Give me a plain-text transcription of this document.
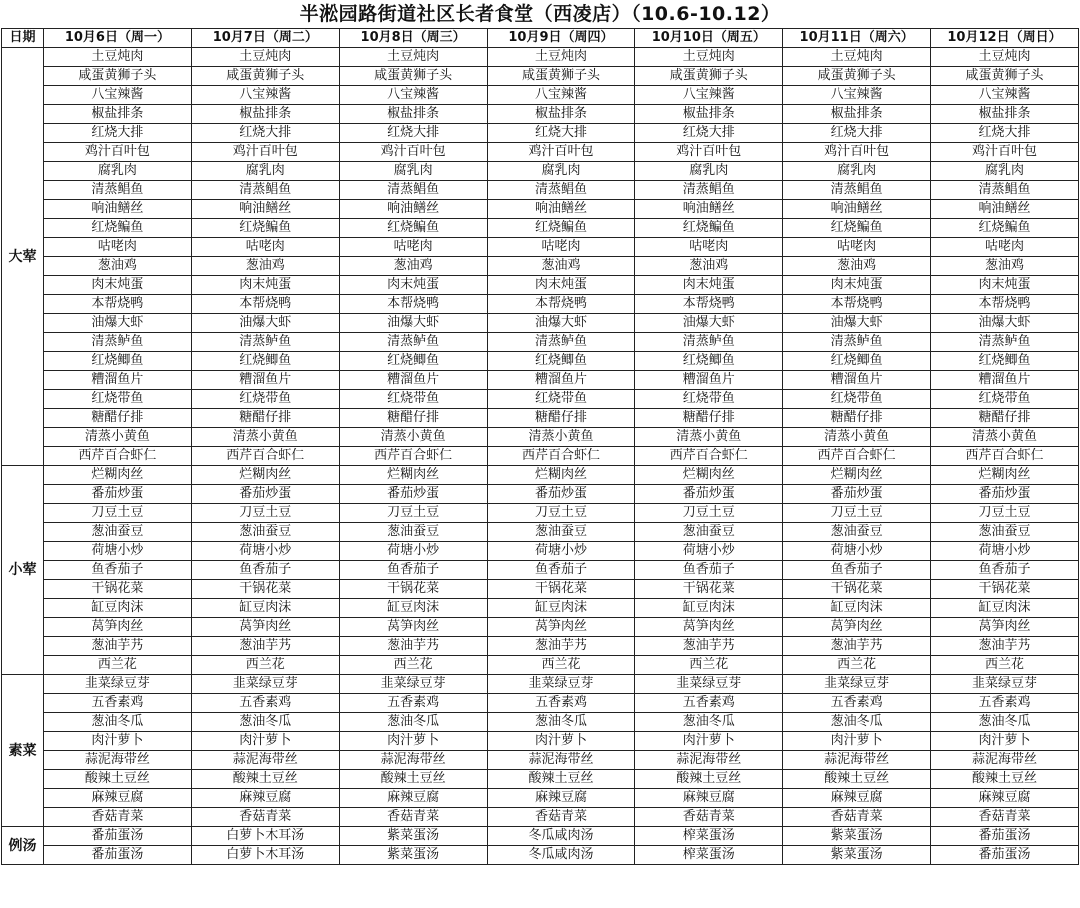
半淞园路街道社区长者食堂（西凌店）（10.6-10.12）
日期	10月6日（周一）	10月7日（周二）	10月8日（周三）	10月9日（周四）	10月10日（周五）	10月11日（周六）	10月12日（周日）
大荤	土豆炖肉	土豆炖肉	土豆炖肉	土豆炖肉	土豆炖肉	土豆炖肉	土豆炖肉
	咸蛋黄狮子头	咸蛋黄狮子头	咸蛋黄狮子头	咸蛋黄狮子头	咸蛋黄狮子头	咸蛋黄狮子头	咸蛋黄狮子头
	八宝辣酱	八宝辣酱	八宝辣酱	八宝辣酱	八宝辣酱	八宝辣酱	八宝辣酱
	椒盐排条	椒盐排条	椒盐排条	椒盐排条	椒盐排条	椒盐排条	椒盐排条
	红烧大排	红烧大排	红烧大排	红烧大排	红烧大排	红烧大排	红烧大排
	鸡汁百叶包	鸡汁百叶包	鸡汁百叶包	鸡汁百叶包	鸡汁百叶包	鸡汁百叶包	鸡汁百叶包
	腐乳肉	腐乳肉	腐乳肉	腐乳肉	腐乳肉	腐乳肉	腐乳肉
	清蒸鲳鱼	清蒸鲳鱼	清蒸鲳鱼	清蒸鲳鱼	清蒸鲳鱼	清蒸鲳鱼	清蒸鲳鱼
	响油鳝丝	响油鳝丝	响油鳝丝	响油鳝丝	响油鳝丝	响油鳝丝	响油鳝丝
	红烧鳊鱼	红烧鳊鱼	红烧鳊鱼	红烧鳊鱼	红烧鳊鱼	红烧鳊鱼	红烧鳊鱼
	咕咾肉	咕咾肉	咕咾肉	咕咾肉	咕咾肉	咕咾肉	咕咾肉
	葱油鸡	葱油鸡	葱油鸡	葱油鸡	葱油鸡	葱油鸡	葱油鸡
	肉末炖蛋	肉末炖蛋	肉末炖蛋	肉末炖蛋	肉末炖蛋	肉末炖蛋	肉末炖蛋
	本帮烧鸭	本帮烧鸭	本帮烧鸭	本帮烧鸭	本帮烧鸭	本帮烧鸭	本帮烧鸭
	油爆大虾	油爆大虾	油爆大虾	油爆大虾	油爆大虾	油爆大虾	油爆大虾
	清蒸鲈鱼	清蒸鲈鱼	清蒸鲈鱼	清蒸鲈鱼	清蒸鲈鱼	清蒸鲈鱼	清蒸鲈鱼
	红烧鲫鱼	红烧鲫鱼	红烧鲫鱼	红烧鲫鱼	红烧鲫鱼	红烧鲫鱼	红烧鲫鱼
	糟溜鱼片	糟溜鱼片	糟溜鱼片	糟溜鱼片	糟溜鱼片	糟溜鱼片	糟溜鱼片
	红烧带鱼	红烧带鱼	红烧带鱼	红烧带鱼	红烧带鱼	红烧带鱼	红烧带鱼
	糖醋仔排	糖醋仔排	糖醋仔排	糖醋仔排	糖醋仔排	糖醋仔排	糖醋仔排
	清蒸小黄鱼	清蒸小黄鱼	清蒸小黄鱼	清蒸小黄鱼	清蒸小黄鱼	清蒸小黄鱼	清蒸小黄鱼
	西芹百合虾仁	西芹百合虾仁	西芹百合虾仁	西芹百合虾仁	西芹百合虾仁	西芹百合虾仁	西芹百合虾仁
小荤	烂糊肉丝	烂糊肉丝	烂糊肉丝	烂糊肉丝	烂糊肉丝	烂糊肉丝	烂糊肉丝
	番茄炒蛋	番茄炒蛋	番茄炒蛋	番茄炒蛋	番茄炒蛋	番茄炒蛋	番茄炒蛋
	刀豆土豆	刀豆土豆	刀豆土豆	刀豆土豆	刀豆土豆	刀豆土豆	刀豆土豆
	葱油蚕豆	葱油蚕豆	葱油蚕豆	葱油蚕豆	葱油蚕豆	葱油蚕豆	葱油蚕豆
	荷塘小炒	荷塘小炒	荷塘小炒	荷塘小炒	荷塘小炒	荷塘小炒	荷塘小炒
	鱼香茄子	鱼香茄子	鱼香茄子	鱼香茄子	鱼香茄子	鱼香茄子	鱼香茄子
	干锅花菜	干锅花菜	干锅花菜	干锅花菜	干锅花菜	干锅花菜	干锅花菜
	缸豆肉沫	缸豆肉沫	缸豆肉沫	缸豆肉沫	缸豆肉沫	缸豆肉沫	缸豆肉沫
	莴笋肉丝	莴笋肉丝	莴笋肉丝	莴笋肉丝	莴笋肉丝	莴笋肉丝	莴笋肉丝
	葱油芋艿	葱油芋艿	葱油芋艿	葱油芋艿	葱油芋艿	葱油芋艿	葱油芋艿
	西兰花	西兰花	西兰花	西兰花	西兰花	西兰花	西兰花
素菜	韭菜绿豆芽	韭菜绿豆芽	韭菜绿豆芽	韭菜绿豆芽	韭菜绿豆芽	韭菜绿豆芽	韭菜绿豆芽
	五香素鸡	五香素鸡	五香素鸡	五香素鸡	五香素鸡	五香素鸡	五香素鸡
	葱油冬瓜	葱油冬瓜	葱油冬瓜	葱油冬瓜	葱油冬瓜	葱油冬瓜	葱油冬瓜
	肉汁萝卜	肉汁萝卜	肉汁萝卜	肉汁萝卜	肉汁萝卜	肉汁萝卜	肉汁萝卜
	蒜泥海带丝	蒜泥海带丝	蒜泥海带丝	蒜泥海带丝	蒜泥海带丝	蒜泥海带丝	蒜泥海带丝
	酸辣土豆丝	酸辣土豆丝	酸辣土豆丝	酸辣土豆丝	酸辣土豆丝	酸辣土豆丝	酸辣土豆丝
	麻辣豆腐	麻辣豆腐	麻辣豆腐	麻辣豆腐	麻辣豆腐	麻辣豆腐	麻辣豆腐
	香菇青菜	香菇青菜	香菇青菜	香菇青菜	香菇青菜	香菇青菜	香菇青菜
例汤	番茄蛋汤	白萝卜木耳汤	紫菜蛋汤	冬瓜咸肉汤	榨菜蛋汤	紫菜蛋汤	番茄蛋汤
	番茄蛋汤	白萝卜木耳汤	紫菜蛋汤	冬瓜咸肉汤	榨菜蛋汤	紫菜蛋汤	番茄蛋汤
